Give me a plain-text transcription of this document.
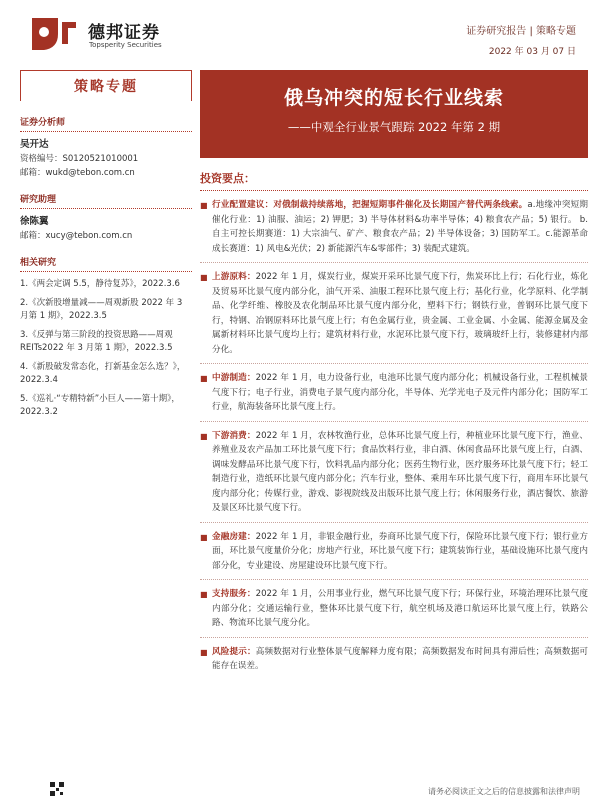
德邦证券
Topsperity Securities
证券研究报告 | 策略专题
2022 年 03 月 07 日
策略专题
证券分析师
吴开达
资格编号：S0120521010001
邮箱：wukd@tebon.com.cn
研究助理
徐陈翼
邮箱：xucy@tebon.com.cn
相关研究
1.《两会定调 5.5，静待复苏》，2022.3.6
2.《次新股增量减——周观新股 2022 年 3 月第 1 期》，2022.3.5
3.《反弹与第三阶段的投资思路——周观 REITs2022 年 3 月第 1 期》，2022.3.5
4.《新股破发常态化，打新基金怎么选？》，2022.3.4
5.《巡礼·“专精特新”小巨人——第十期》，2022.3.2
俄乌冲突的短长行业线索
——中观全行业景气跟踪 2022 年第 2 期
投资要点：
■ 行业配置建议：对俄制裁持续落地，把握短期事件催化及长期国产替代两条线索。a.地缘冲突短期催化行业：1) 油服、油运；2) 钾肥；3) 半导体材料&功率半导体；4) 粮食农产品；5) 银行。 b.自主可控长期赛道：1) 大宗油气、矿产、粮食农产品；2) 半导体设备；3) 国防军工。c.能源革命成长赛道：1) 风电&光伏；2) 新能源汽车&零部件；3) 装配式建筑。
■ 上游原料：2022 年 1 月，煤炭行业，煤炭开采环比景气度下行，焦炭环比上行；石化行业，炼化及贸易环比景气度内部分化，油气开采、油服工程环比景气度上行；基化行业，化学原料、化学制品、化学纤维、橡胶及农化制品环比景气度内部分化，塑料下行；钢铁行业，普钢环比景气度下行，特钢、冶钢原料环比景气度上行；有色金属行业，贵金属、工业金属、小金属、能源金属及金属新材料环比景气度均上行；建筑材料行业，水泥环比景气度下行，玻璃玻纤上行，装修建材内部分化。
■ 中游制造：2022 年 1 月，电力设备行业，电池环比景气度内部分化；机械设备行业，工程机械景气度下行；电子行业，消费电子景气度内部分化，半导体、光学光电子及元件内部分化；国防军工行业，航海装备环比景气度上行。
■ 下游消费：2022 年 1 月，农林牧渔行业，总体环比景气度上行，种植业环比景气度下行，渔业、养殖业及农产品加工环比景气度下行；食品饮料行业，非白酒、休闲食品环比景气度上行，白酒、调味发酵品环比景气度下行，饮料乳品内部分化；医药生物行业，医疗服务环比景气度下行；轻工制造行业，造纸环比景气度内部分化；汽车行业，整体、乘用车环比景气度下行，商用车环比景气度内部分化；传媒行业，游戏、影视院线及出版环比景气度上行；休闲服务行业，酒店餐饮、旅游及景区环比景气度下行。
■ 金融房建：2022 年 1 月，非银金融行业，券商环比景气度下行，保险环比景气度下行；银行业方面，环比景气度量价分化；房地产行业，环比景气度下行；建筑装饰行业，基础设施环比景气度内部分化，专业建设、房屋建设环比景气度下行。
■ 支持服务：2022 年 1 月，公用事业行业，燃气环比景气度下行；环保行业，环境治理环比景气度内部分化；交通运输行业，整体环比景气度下行，航空机场及港口航运环比景气度上行，铁路公路、物流环比景气度分化。
■ 风险提示：高频数据对行业整体景气度解释力度有限；高频数据发布时间具有滞后性；高频数据可能存在误差。
请务必阅读正文之后的信息披露和法律声明
